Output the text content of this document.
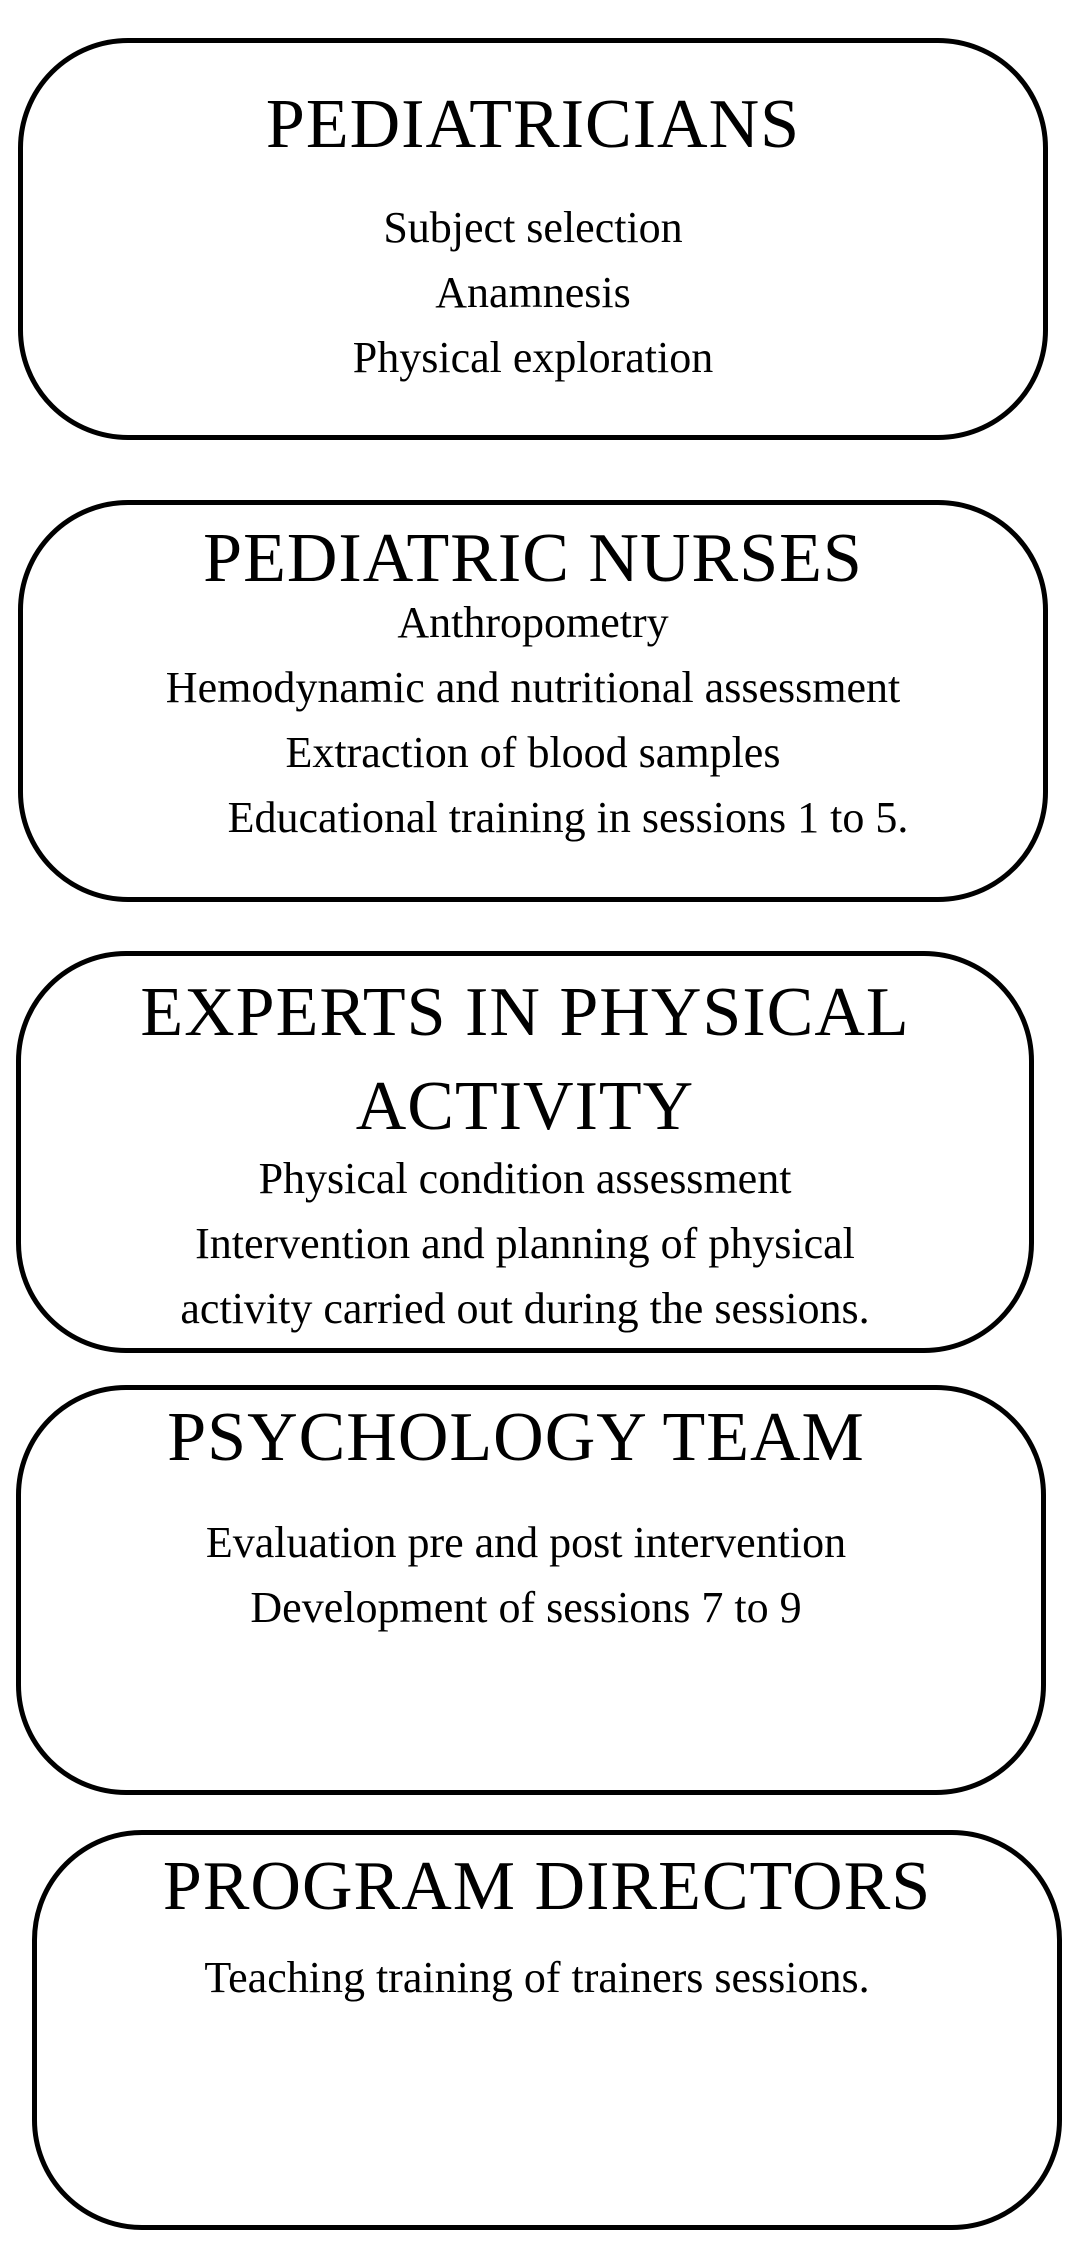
PEDIATRICIANS
Subject selection
Anamnesis
Physical exploration
PEDIATRIC NURSES
Anthropometry
Hemodynamic and nutritional assessment
Extraction of blood samples
Educational training in sessions 1 to 5.
EXPERTS IN PHYSICAL
ACTIVITY
Physical condition assessment
Intervention and planning of physical
activity carried out during the sessions.
PSYCHOLOGY TEAM
Evaluation pre and post intervention
Development of sessions 7 to 9
PROGRAM DIRECTORS
Teaching training of trainers sessions.
